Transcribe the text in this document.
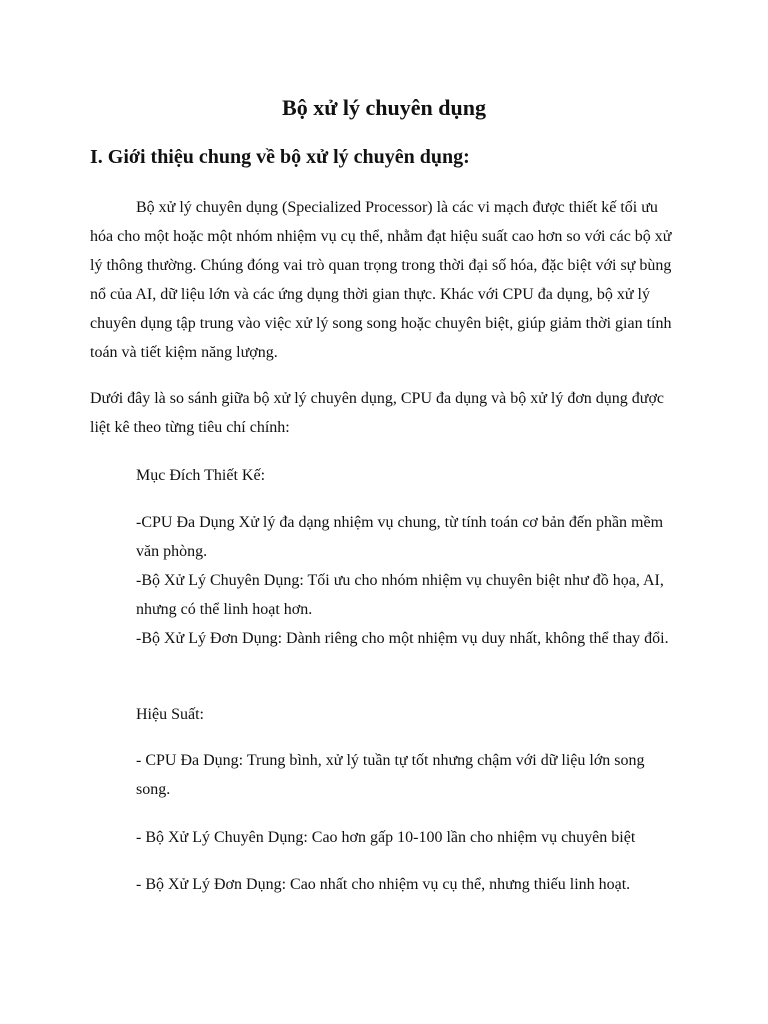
Bộ xử lý chuyên dụng
I. Giới thiệu chung về bộ xử lý chuyên dụng:

Bộ xử lý chuyên dụng (Specialized Processor) là các vi mạch được thiết kế tối ưu hóa cho một hoặc một nhóm nhiệm vụ cụ thể, nhằm đạt hiệu suất cao hơn so với các bộ xử lý thông thường. Chúng đóng vai trò quan trọng trong thời đại số hóa, đặc biệt với sự bùng nổ của AI, dữ liệu lớn và các ứng dụng thời gian thực. Khác với CPU đa dụng, bộ xử lý chuyên dụng tập trung vào việc xử lý song song hoặc chuyên biệt, giúp giảm thời gian tính toán và tiết kiệm năng lượng.

Dưới đây là so sánh giữa bộ xử lý chuyên dụng, CPU đa dụng và bộ xử lý đơn dụng được liệt kê theo từng tiêu chí chính:

Mục Đích Thiết Kế:

-CPU Đa Dụng Xử lý đa dạng nhiệm vụ chung, từ tính toán cơ bản đến phần mềm văn phòng.
-Bộ Xử Lý Chuyên Dụng: Tối ưu cho nhóm nhiệm vụ chuyên biệt như đồ họa, AI, nhưng có thể linh hoạt hơn.
-Bộ Xử Lý Đơn Dụng: Dành riêng cho một nhiệm vụ duy nhất, không thể thay đổi.

Hiệu Suất:

- CPU Đa Dụng: Trung bình, xử lý tuần tự tốt nhưng chậm với dữ liệu lớn song song.

- Bộ Xử Lý Chuyên Dụng: Cao hơn gấp 10-100 lần cho nhiệm vụ chuyên biệt

- Bộ Xử Lý Đơn Dụng: Cao nhất cho nhiệm vụ cụ thể, nhưng thiếu linh hoạt.
